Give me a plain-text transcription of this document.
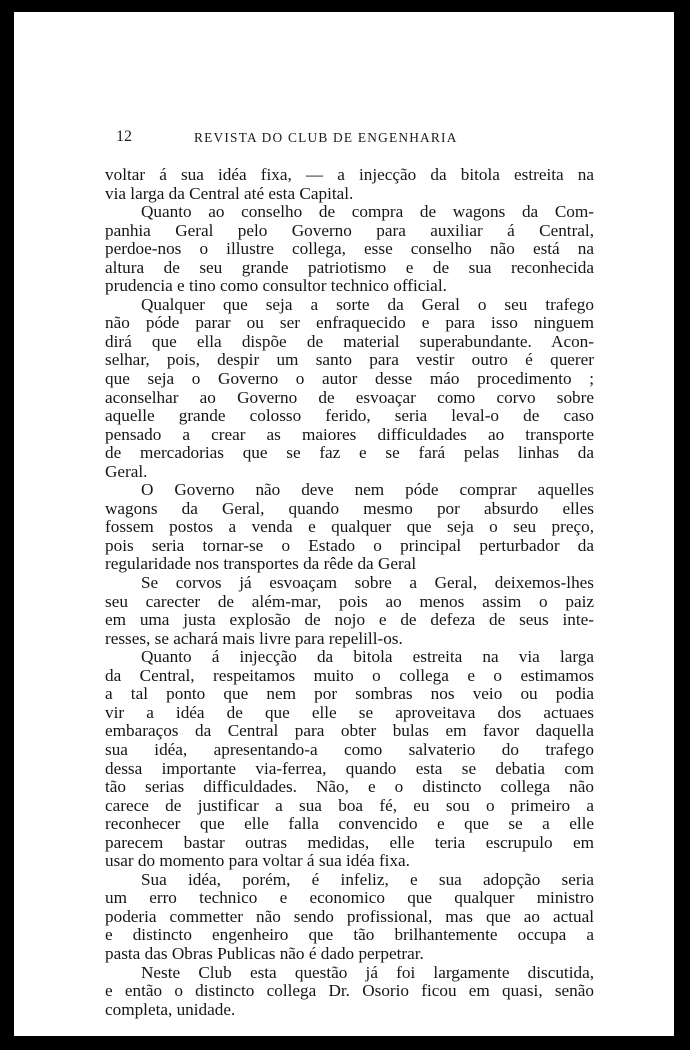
12	REVISTA DO CLUB DE ENGENHARIA
voltar á sua idéa fixa, — a injecção da bitola estreita na
via larga da Central até esta Capital.
Quanto ao conselho de compra de wagons da Com-
panhia Geral pelo Governo para auxiliar á Central,
perdoe-nos o illustre collega, esse conselho não está na
altura de seu grande patriotismo e de sua reconhecida
prudencia e tino como consultor technico official.
Qualquer que seja a sorte da Geral o seu trafego
não póde parar ou ser enfraquecido e para isso ninguem
dirá que ella dispõe de material superabundante. Acon-
selhar, pois, despir um santo para vestir outro é querer
que seja o Governo o autor desse máo procedimento ;
aconselhar ao Governo de esvoaçar como corvo sobre
aquelle grande colosso ferido, seria leval-o de caso
pensado a crear as maiores difficuldades ao transporte
de mercadorias que se faz e se fará pelas linhas da
Geral.
O Governo não deve nem póde comprar aquelles
wagons da Geral, quando mesmo por absurdo elles
fossem postos a venda e qualquer que seja o seu preço,
pois seria tornar-se o Estado o principal perturbador da
regularidade nos transportes da rêde da Geral
Se corvos já esvoaçam sobre a Geral, deixemos-lhes
seu carecter de além-mar, pois ao menos assim o paiz
em uma justa explosão de nojo e de defeza de seus inte-
resses, se achará mais livre para repelill-os.
Quanto á injecção da bitola estreita na via larga
da Central, respeitamos muito o collega e o estimamos
a tal ponto que nem por sombras nos veio ou podia
vir a idéa de que elle se aproveitava dos actuaes
embaraços da Central para obter bulas em favor daquella
sua idéa, apresentando-a como salvaterio do trafego
dessa importante via-ferrea, quando esta se debatia com
tão serias difficuldades. Não, e o distincto collega não
carece de justificar a sua boa fé, eu sou o primeiro a
reconhecer que elle falla convencido e que se a elle
parecem bastar outras medidas, elle teria escrupulo em
usar do momento para voltar á sua idéa fixa.
Sua idéa, porém, é infeliz, e sua adopção seria
um erro technico e economico que qualquer ministro
poderia commetter não sendo profissional, mas que ao actual
e distincto engenheiro que tão brilhantemente occupa a
pasta das Obras Publicas não é dado perpetrar.
Neste Club esta questão já foi largamente discutida,
e então o distincto collega Dr. Osorio ficou em quasi, senão
completa, unidade.
